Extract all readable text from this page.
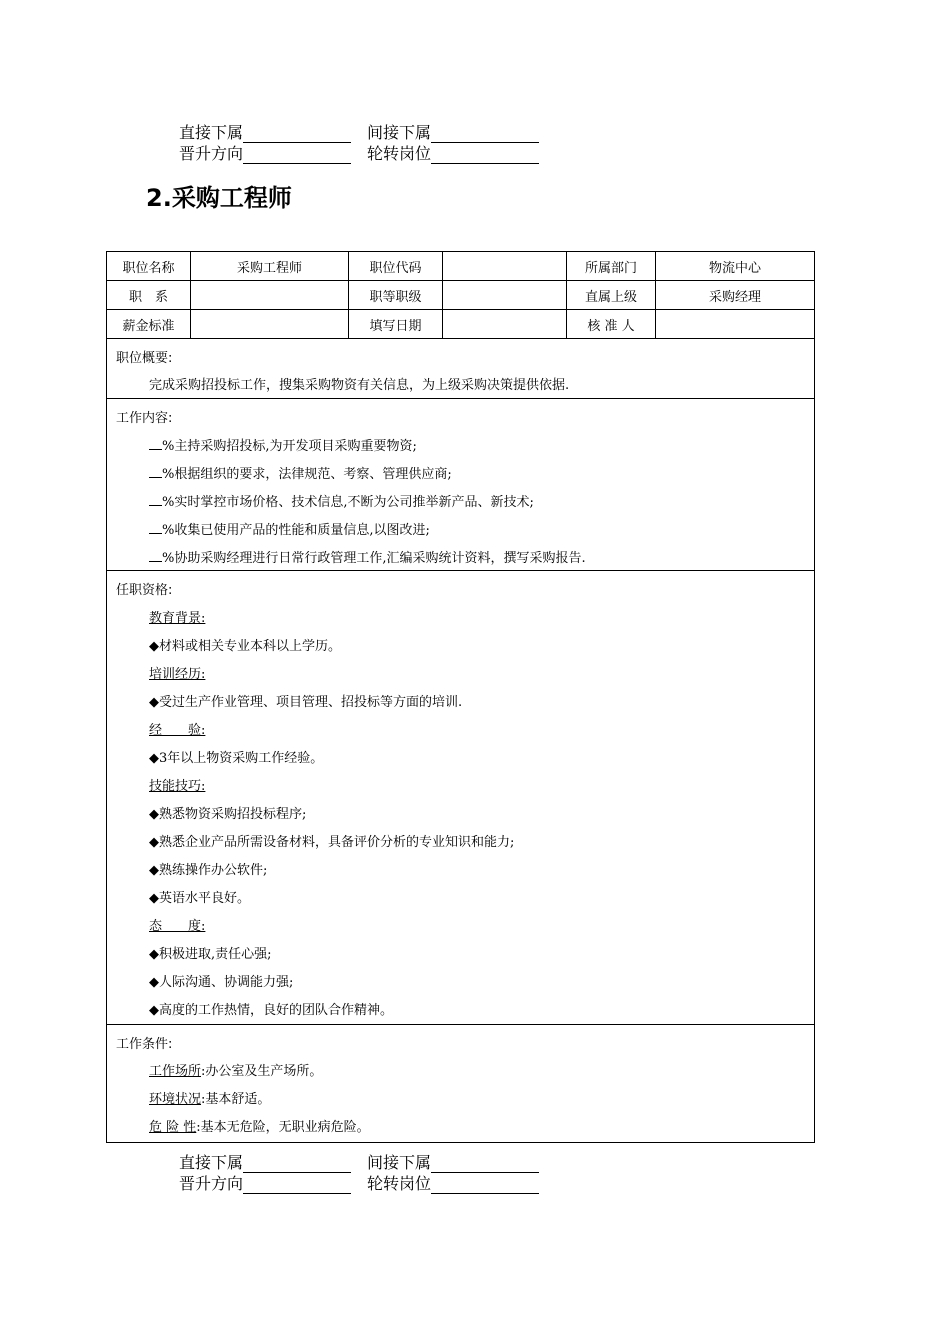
直接下属	间接下属
晋升方向	轮转岗位
2.采购工程师
职位名称	采购工程师	职位代码		所属部门	物流中心
职　系		职等职级		直属上级	采购经理
薪金标准		填写日期		核 准 人	
职位概要:
完成采购招投标工作，搜集采购物资有关信息，为上级采购决策提供依据.
工作内容:
%主持采购招投标,为开发项目采购重要物资;
%根据组织的要求，法律规范、考察、管理供应商;
%实时掌控市场价格、技术信息,不断为公司推举新产品、新技术;
%收集已使用产品的性能和质量信息,以图改进;
%协助采购经理进行日常行政管理工作,汇编采购统计资料，撰写采购报告.
任职资格:
教育背景:
◆材料或相关专业本科以上学历。
培训经历:
◆受过生产作业管理、项目管理、招投标等方面的培训.
经　　验:
◆3年以上物资采购工作经验。
技能技巧:
◆熟悉物资采购招投标程序;
◆熟悉企业产品所需设备材料，具备评价分析的专业知识和能力;
◆熟练操作办公软件;
◆英语水平良好。
态　　度:
◆积极进取,责任心强;
◆人际沟通、协调能力强;
◆高度的工作热情，良好的团队合作精神。
工作条件:
工作场所:办公室及生产场所。
环境状况:基本舒适。
危 险 性:基本无危险，无职业病危险。
直接下属	间接下属
晋升方向	轮转岗位
